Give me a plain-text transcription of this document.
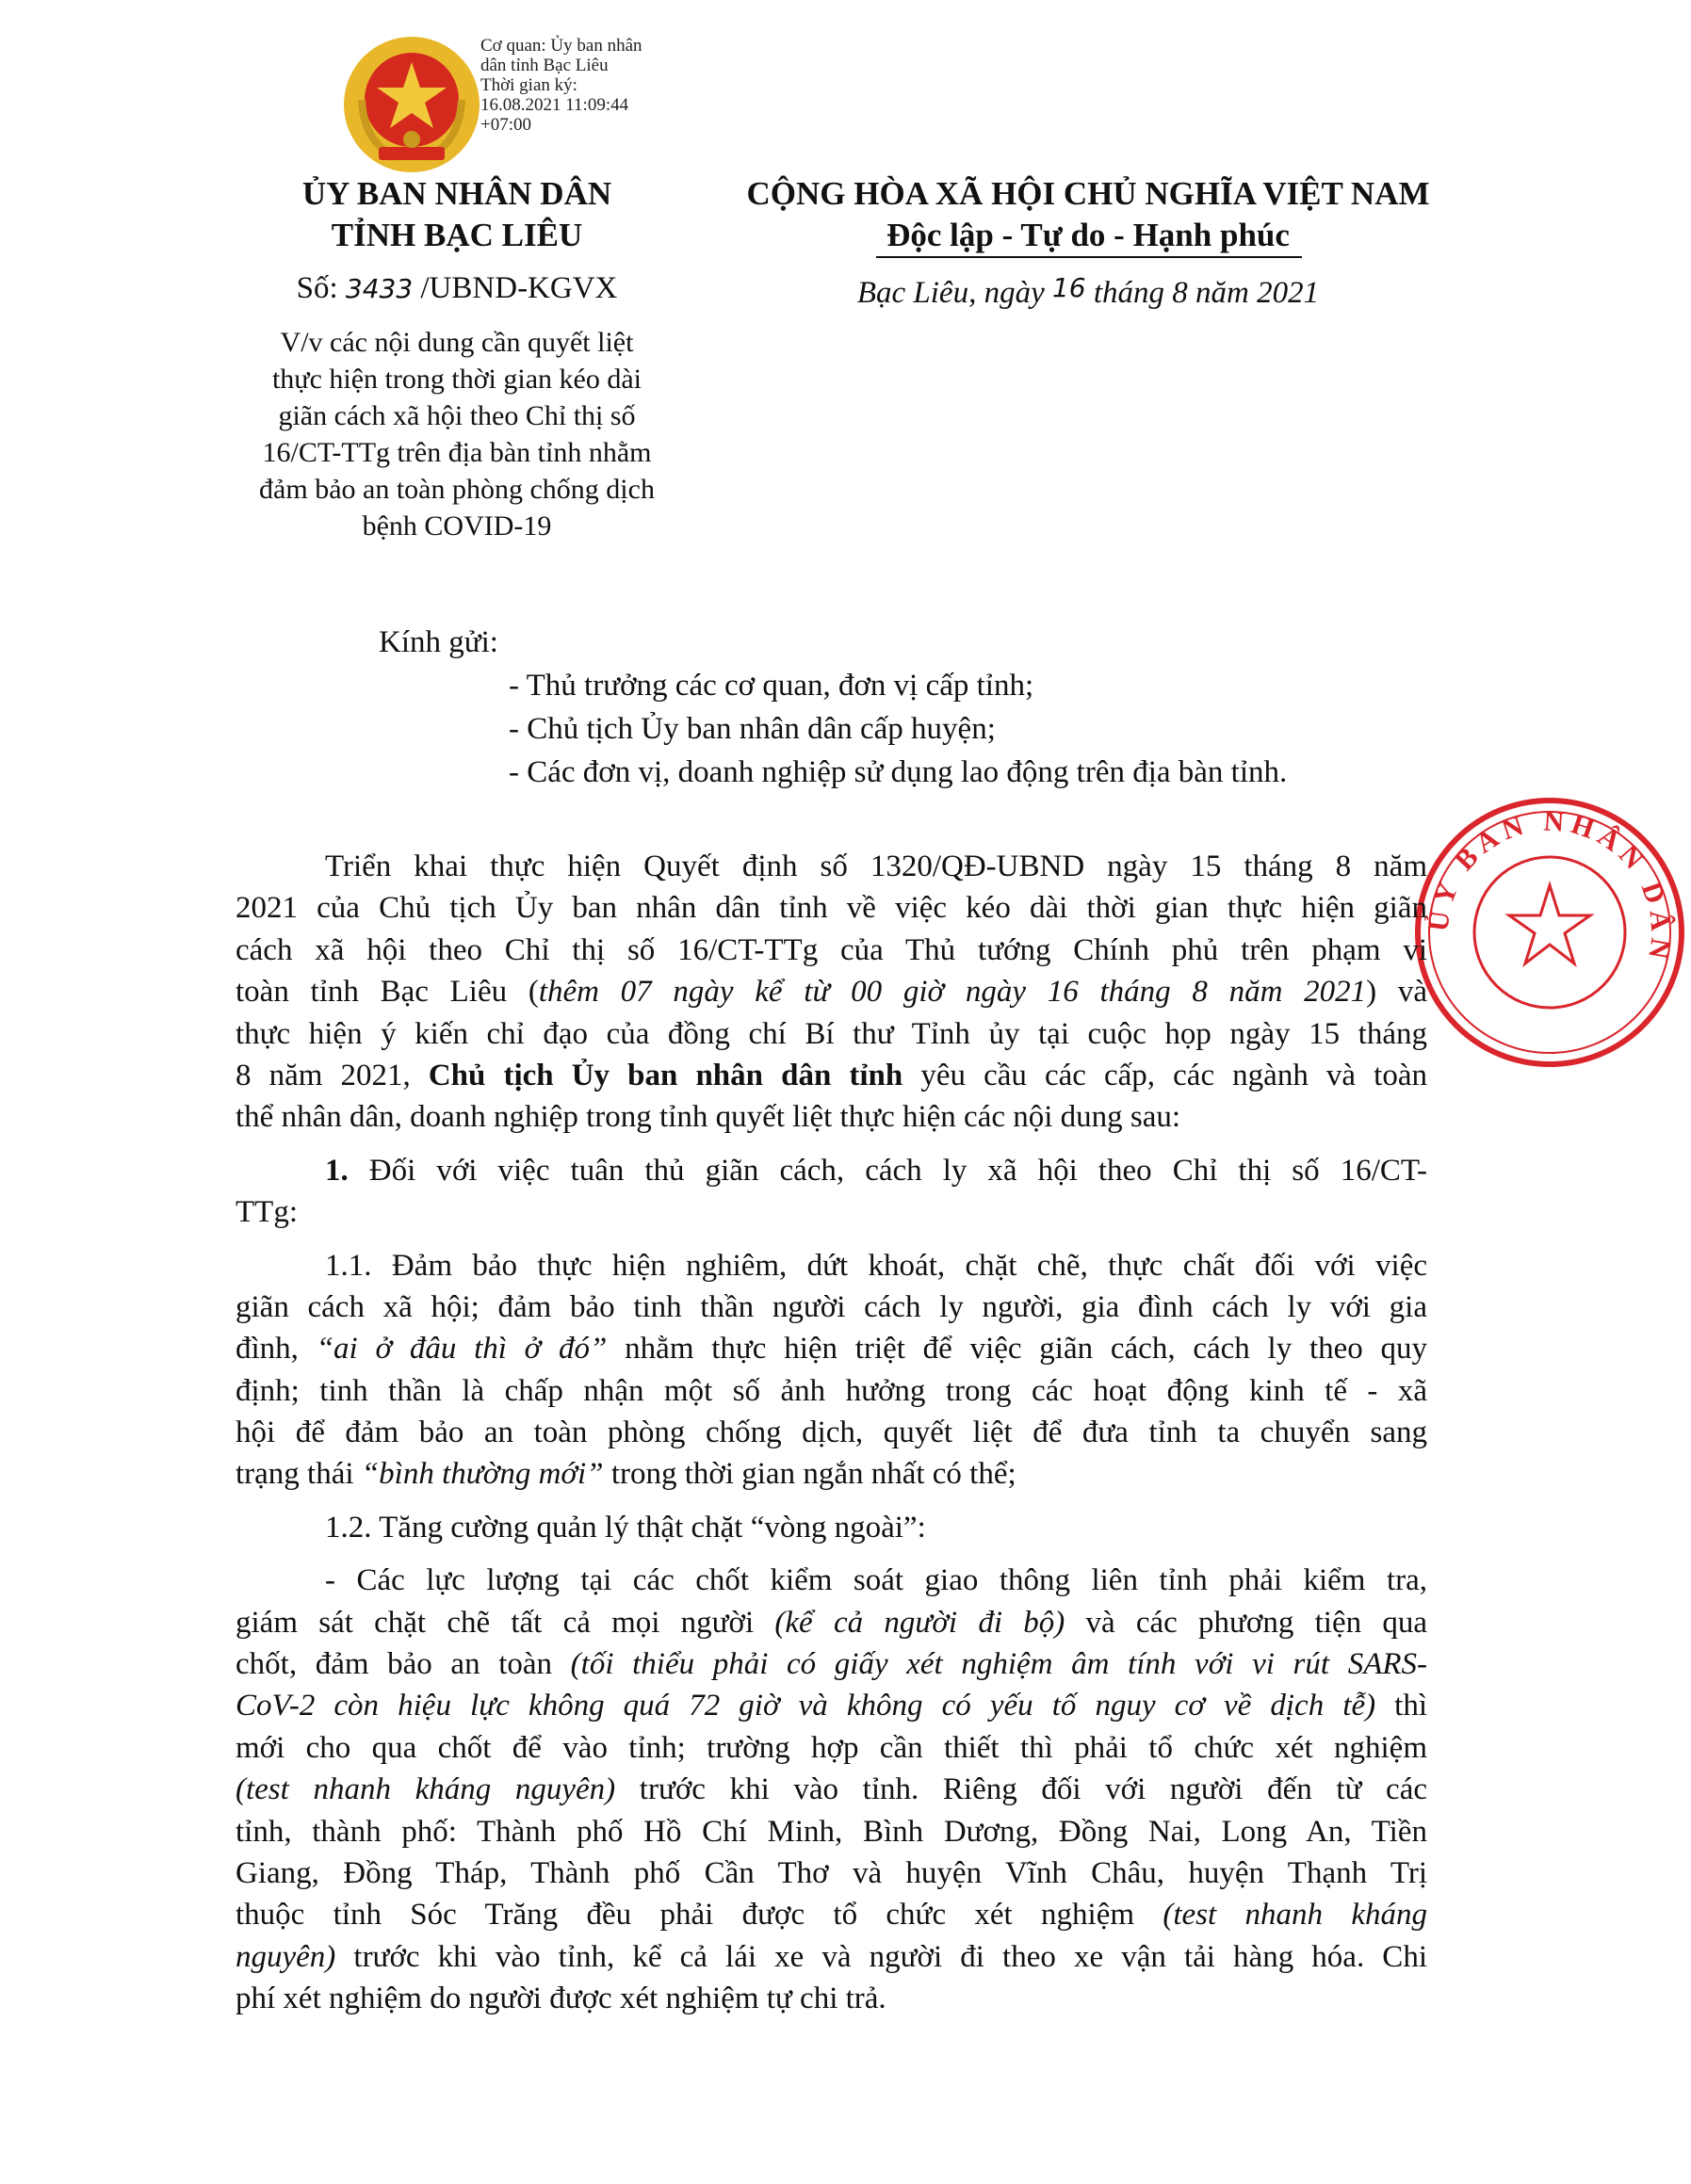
Cơ quan: Ủy ban nhân
dân tỉnh Bạc Liêu
Thời gian ký:
16.08.2021 11:09:44
+07:00
ỦY BAN NHÂN DÂN
TỈNH BẠC LIÊU
CỘNG HÒA XÃ HỘI CHỦ NGHĨA VIỆT NAM
Độc lập - Tự do - Hạnh phúc
Số: 3433 /UBND-KGVX	Bạc Liêu, ngày 16 tháng 8 năm 2021
V/v các nội dung cần quyết liệt
thực hiện trong thời gian kéo dài
giãn cách xã hội theo Chỉ thị số
16/CT-TTg trên địa bàn tỉnh nhằm
đảm bảo an toàn phòng chống dịch
bệnh COVID-19
Kính gửi:
- Thủ trưởng các cơ quan, đơn vị cấp tỉnh;
- Chủ tịch Ủy ban nhân dân cấp huyện;
- Các đơn vị, doanh nghiệp sử dụng lao động trên địa bàn tỉnh.
ỦY BAN NHÂN DÂN
Triển khai thực hiện Quyết định số 1320/QĐ-UBND ngày 15 tháng 8 năm
2021 của Chủ tịch Ủy ban nhân dân tỉnh về việc kéo dài thời gian thực hiện giãn
cách xã hội theo Chỉ thị số 16/CT-TTg của Thủ tướng Chính phủ trên phạm vi
toàn tỉnh Bạc Liêu (thêm 07 ngày kể từ 00 giờ ngày 16 tháng 8 năm 2021) và
thực hiện ý kiến chỉ đạo của đồng chí Bí thư Tỉnh ủy tại cuộc họp ngày 15 tháng
8 năm 2021, Chủ tịch Ủy ban nhân dân tỉnh yêu cầu các cấp, các ngành và toàn
thể nhân dân, doanh nghiệp trong tỉnh quyết liệt thực hiện các nội dung sau:
1. Đối với việc tuân thủ giãn cách, cách ly xã hội theo Chỉ thị số 16/CT-
TTg:
1.1. Đảm bảo thực hiện nghiêm, dứt khoát, chặt chẽ, thực chất đối với việc
giãn cách xã hội; đảm bảo tinh thần người cách ly người, gia đình cách ly với gia
đình, “ai ở đâu thì ở đó” nhằm thực hiện triệt để việc giãn cách, cách ly theo quy
định; tinh thần là chấp nhận một số ảnh hưởng trong các hoạt động kinh tế - xã
hội để đảm bảo an toàn phòng chống dịch, quyết liệt để đưa tỉnh ta chuyển sang
trạng thái “bình thường mới” trong thời gian ngắn nhất có thể;
1.2. Tăng cường quản lý thật chặt “vòng ngoài”:
- Các lực lượng tại các chốt kiểm soát giao thông liên tỉnh phải kiểm tra,
giám sát chặt chẽ tất cả mọi người (kể cả người đi bộ) và các phương tiện qua
chốt, đảm bảo an toàn (tối thiểu phải có giấy xét nghiệm âm tính với vi rút SARS-
CoV-2 còn hiệu lực không quá 72 giờ và không có yếu tố nguy cơ về dịch tễ) thì
mới cho qua chốt để vào tỉnh; trường hợp cần thiết thì phải tổ chức xét nghiệm
(test nhanh kháng nguyên) trước khi vào tỉnh. Riêng đối với người đến từ các
tỉnh, thành phố: Thành phố Hồ Chí Minh, Bình Dương, Đồng Nai, Long An, Tiền
Giang, Đồng Tháp, Thành phố Cần Thơ và huyện Vĩnh Châu, huyện Thạnh Trị
thuộc tỉnh Sóc Trăng đều phải được tổ chức xét nghiệm (test nhanh kháng
nguyên) trước khi vào tỉnh, kể cả lái xe và người đi theo xe vận tải hàng hóa. Chi
phí xét nghiệm do người được xét nghiệm tự chi trả.
